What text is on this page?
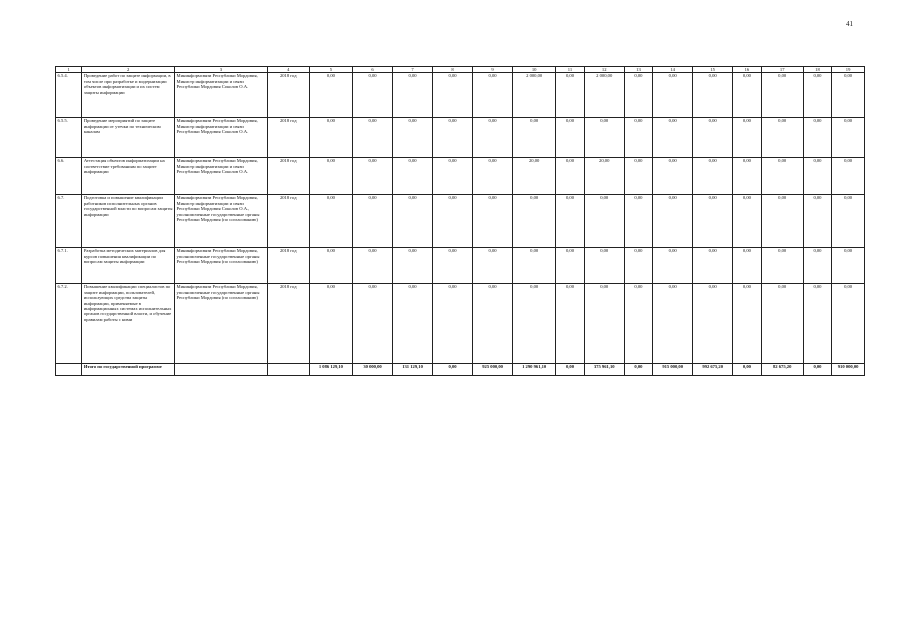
41
1	2	3	4	5	6	7	8	9	10	11	12	13	14	15	16	17	18	19
6.5.4.	Проведение работ по защите информации, в том числе при разработке и модернизации объектов информатизации и их систем защиты информации	Мининформсвязи Республики Мордовия, Министр информатизации и связи Республики Мордовия Соколов О.А.	2018 год	0,00	0,00	0,00	0,00	0,00	2 000,00	0,00	2 000,00	0,00	0,00	0,00	0,00	0,00	0,00	0,00
6.5.5.	Проведение мероприятий по защите информации от утечки по техническим каналам	Мининформсвязи Республики Мордовия, Министр информатизации и связи Республики Мордовия Соколов О.А.	2018 год	0,00	0,00	0,00	0,00	0,00	0,00	0,00	0,00	0,00	0,00	0,00	0,00	0,00	0,00	0,00
6.6.	Аттестация объектов информатизации на соответствие требованиям по защите информации	Мининформсвязи Республики Мордовия, Министр информатизации и связи Республики Мордовия Соколов О.А.	2018 год	0,00	0,00	0,00	0,00	0,00	20,00	0,00	20,00	0,00	0,00	0,00	0,00	0,00	0,00	0,00
6.7.	Подготовка и повышение квалификации работников исполнительных органов государственной власти по вопросам защиты информации	Мининформсвязи Республики Мордовия, Министр информатизации и связи Республики Мордовия Соколов О.А., уполномоченные государственные органы Республики Мордовия (по согласованию)	2018 год	0,00	0,00	0,00	0,00	0,00	0,00	0,00	0,00	0,00	0,00	0,00	0,00	0,00	0,00	0,00
6.7.1.	Разработка методических материалов для курсов повышения квалификации по вопросам защиты информации	Мининформсвязи Республики Мордовия, уполномоченные государственные органы Республики Мордовия (по согласованию)	2018 год	0,00	0,00	0,00	0,00	0,00	0,00	0,00	0,00	0,00	0,00	0,00	0,00	0,00	0,00	0,00
6.7.2.	Повышение квалификации специалистов по защите информации, пользователей, использующих средства защиты информации, применяемые в информационных системах исполнительных органов государственной власти, и обучение правилам работы с ними	Мининформсвязи Республики Мордовия, уполномоченные государственные органы Республики Мордовия (по согласованию)	2018 год	0,00	0,00	0,00	0,00	0,00	0,00	0,00	0,00	0,00	0,00	0,00	0,00	0,00	0,00	0,00
	Итого по государственной программе			1 086 129,10	30 000,00	131 129,10	0,00	925 000,00	1 290 961,10	0,00	375 961,10	0,00	915 000,00	992 675,20	0,00	82 675,20	0,00	910 000,00
